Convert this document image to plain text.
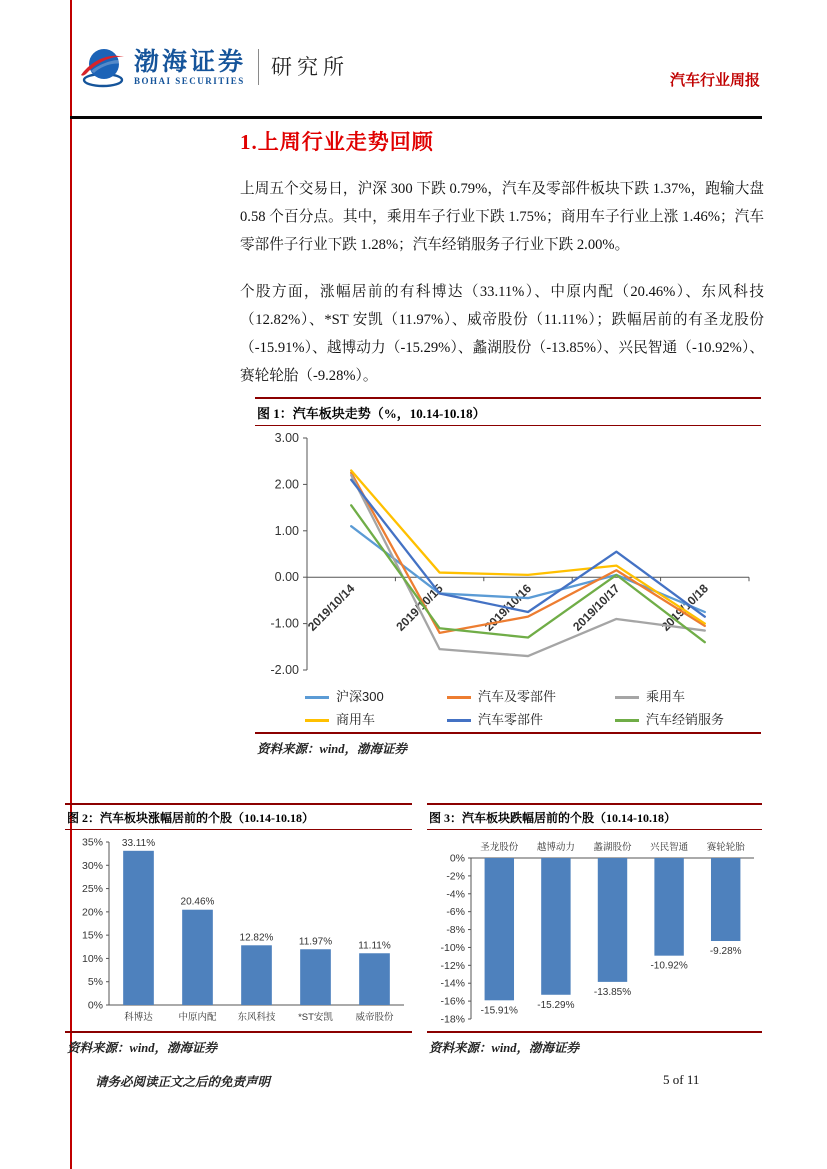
渤海证券
BOHAI SECURITIES
研究所
汽车行业周报
1.上周行业走势回顾

上周五个交易日，沪深 300 下跌 0.79%，汽车及零部件板块下跌 1.37%，跑输大盘 0.58 个百分点。其中，乘用车子行业下跌 1.75%；商用车子行业上涨 1.46%；汽车零部件子行业下跌 1.28%；汽车经销服务子行业下跌 2.00%。

个股方面，涨幅居前的有科博达（33.11%）、中原内配（20.46%）、东风科技（12.82%）、*ST 安凯（11.97%）、威帝股份（11.11%）；跌幅居前的有圣龙股份（-15.91%）、越博动力（-15.29%）、蠡湖股份（-13.85%）、兴民智通（-10.92%）、赛轮轮胎（-9.28%）。

图 1：汽车板块走势（%，10.14-10.18）
-2.00
-1.00
0.00
1.00
2.00
3.00
2019/10/14	2019/10/15	2019/10/16	2019/10/17	2019/10/18
沪深300	汽车及零部件	乘用车
商用车	汽车零部件	汽车经销服务
资料来源：wind，渤海证券
图 2：汽车板块涨幅居前的个股（10.14-10.18）
0%
5%
10%
15%
20%
25%
30%
35% 33.11%
科博达
20.46%
中原内配
12.82%
东风科技
11.97%
*ST安凯
11.11%
威帝股份
资料来源：wind，渤海证券
图 3：汽车板块跌幅居前的个股（10.14-10.18）
-18%
-16%
-14%
-12%
-10%
-8%
-6%
-4%
-2%
0%
-15.91%
圣龙股份
-15.29%
越博动力
-13.85%
蠡湖股份
-10.92%
兴民智通
-9.28%
赛轮轮胎
资料来源：wind，渤海证券
请务必阅读正文之后的免责声明	5 of 11
